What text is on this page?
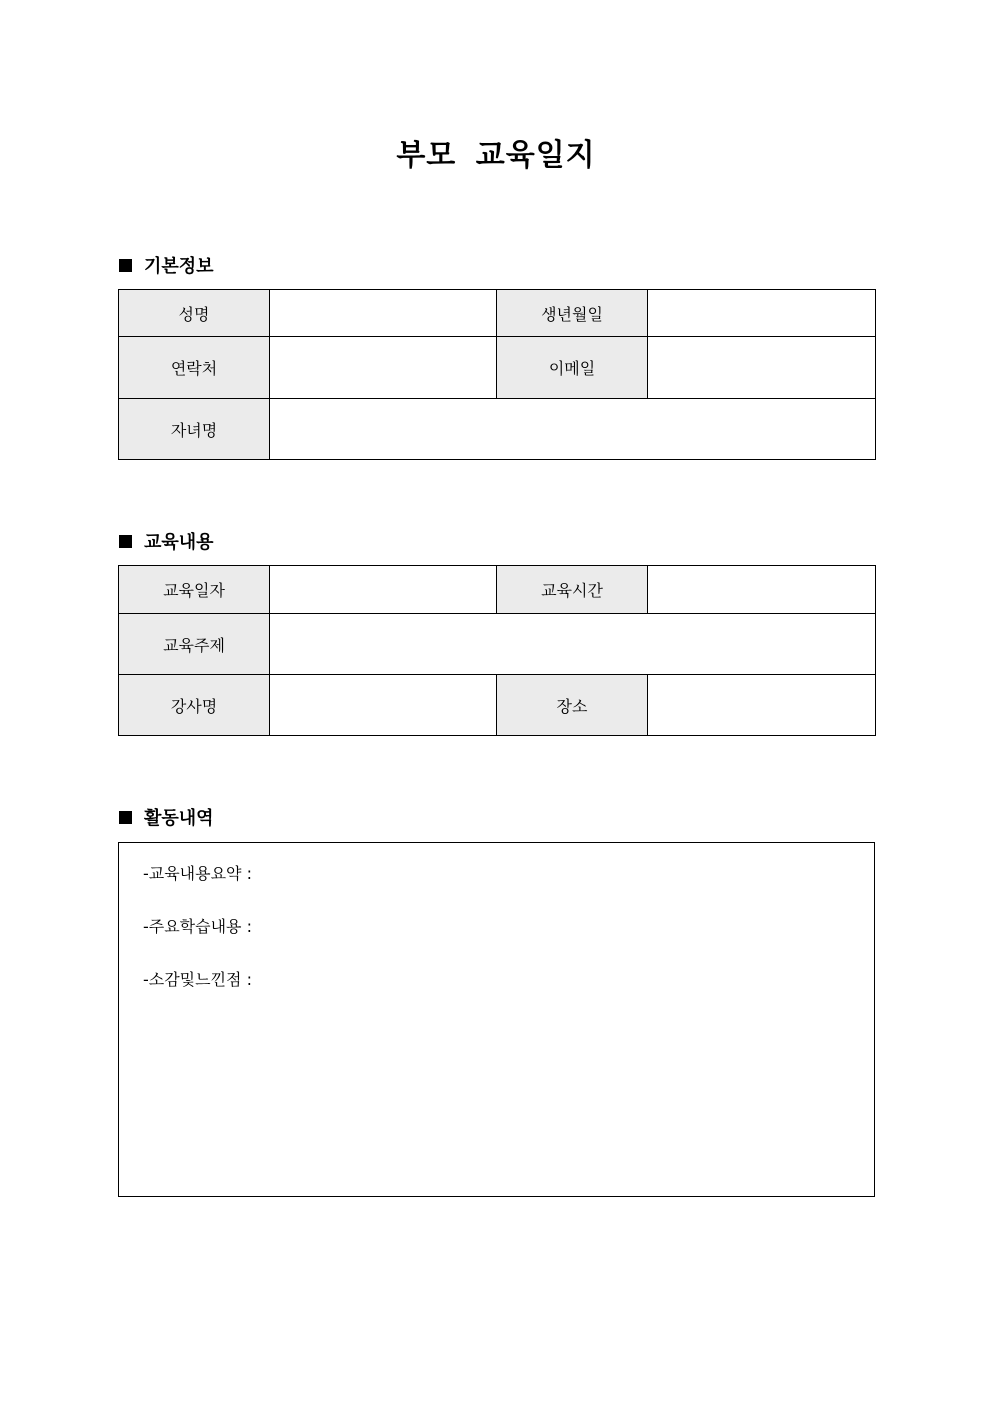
부모 교육일지
기본정보
성명		생년월일	
연락처		이메일	
자녀명			
교육내용
교육일자		교육시간	
교육주제			
강사명		장소	
활동내역
-교육내용요약 :
-주요학습내용 :
-소감및느낀점 :
